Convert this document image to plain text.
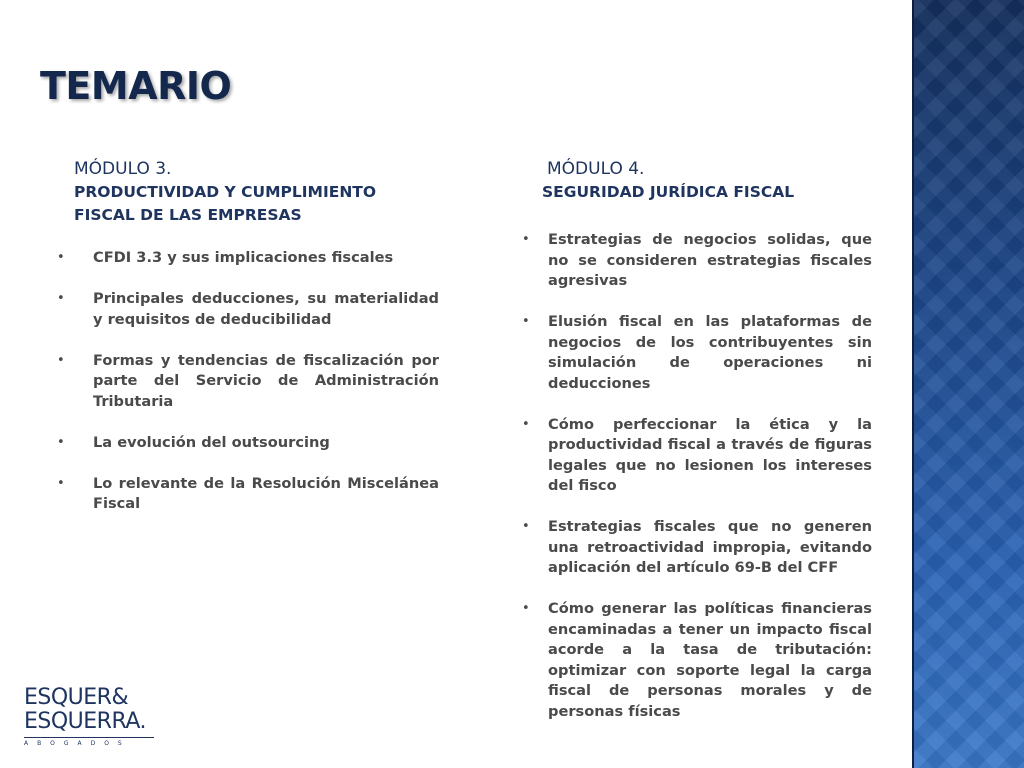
TEMARIO
MÓDULO 3.
PRODUCTIVIDAD Y CUMPLIMIENTO
FISCAL DE LAS EMPRESAS
• CFDI 3.3 y sus implicaciones fiscales
• Principales deducciones, su materialidad y requisitos de deducibilidad
• Formas y tendencias de fiscalización por parte del Servicio de Administración Tributaria
• La evolución del outsourcing
• Lo relevante de la Resolución Miscelánea Fiscal
MÓDULO 4.
SEGURIDAD JURÍDICA FISCAL
• Estrategias de negocios solidas, que no se consideren estrategias fiscales agresivas
• Elusión fiscal en las plataformas de negocios de los contribuyentes sin simulación de operaciones ni deducciones
• Cómo perfeccionar la ética y la productividad fiscal a través de figuras legales que no lesionen los intereses del fisco
• Estrategias fiscales que no generen una retroactividad impropia, evitando aplicación del artículo 69-B del CFF
• Cómo generar las políticas financieras encaminadas a tener un impacto fiscal acorde a la tasa de tributación: optimizar con soporte legal la carga fiscal de personas morales y de personas físicas
ESQUER&
ESQUERRA.
ABOGADOS
